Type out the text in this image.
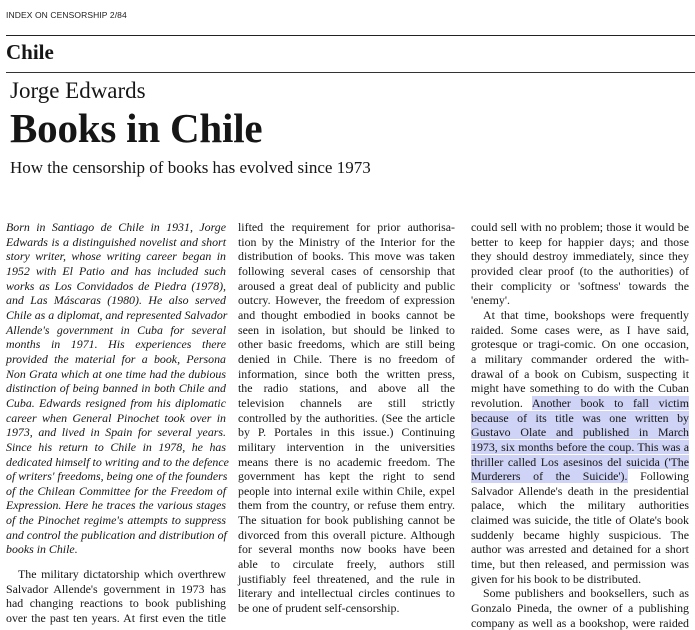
INDEX ON CENSORSHIP 2/84
Chile
Jorge Edwards
Books in Chile
How the censorship of books has evolved since 1973
Born in Santiago de Chile in 1931, Jorge
Edwards is a distinguished novelist and short
story writer, whose writing career began in
1952 with El Patio and has included such
works as Los Convidados de Piedra (1978),
and Las Máscaras (1980). He also served
Chile as a diplomat, and represented Salvador
Allende's government in Cuba for several
months in 1971. His experiences there
provided the material for a book, Persona
Non Grata which at one time had the dubious
distinction of being banned in both Chile and
Cuba. Edwards resigned from his diplomatic
career when General Pinochet took over in
1973, and lived in Spain for several years.
Since his return to Chile in 1978, he has
dedicated himself to writing and to the defence
of writers' freedoms, being one of the founders
of the Chilean Committee for the Freedom of
Expression. Here he traces the various stages
of the Pinochet regime's attempts to suppress
and control the publication and distribution of
books in Chile.
The military dictatorship which overthrew
Salvador Allende's government in 1973 has
had changing reactions to book publishing
over the past ten years. At first even the title
lifted the requirement for prior authorisa-
tion by the Ministry of the Interior for the
distribution of books. This move was taken
following several cases of censorship that
aroused a great deal of publicity and public
outcry. However, the freedom of expression
and thought embodied in books cannot be
seen in isolation, but should be linked to
other basic freedoms, which are still being
denied in Chile. There is no freedom of
information, since both the written press,
the radio stations, and above all the
television channels are still strictly
controlled by the authorities. (See the article
by P. Portales in this issue.) Continuing
military intervention in the universities
means there is no academic freedom. The
government has kept the right to send
people into internal exile within Chile, expel
them from the country, or refuse them entry.
The situation for book publishing cannot be
divorced from this overall picture. Although
for several months now books have been
able to circulate freely, authors still
justifiably feel threatened, and the rule in
literary and intellectual circles continues to
be one of prudent self-censorship.
could sell with no problem; those it would be
better to keep for happier days; and those
they should destroy immediately, since they
provided clear proof (to the authorities) of
their complicity or 'softness' towards the
'enemy'.
At that time, bookshops were frequently
raided. Some cases were, as I have said,
grotesque or tragi-comic. On one occasion,
a military commander ordered the with-
drawal of a book on Cubism, suspecting it
might have something to do with the Cuban
revolution. Another book to fall victim
because of its title was one written by
Gustavo Olate and published in March
1973, six months before the coup. This was a
thriller called Los asesinos del suicida ('The
Murderers of the Suicide'). Following
Salvador Allende's death in the presidential
palace, which the military authorities
claimed was suicide, the title of Olate's book
suddenly became highly suspicious. The
author was arrested and detained for a short
time, but then released, and permission was
given for his book to be distributed.
Some publishers and booksellers, such as
Gonzalo Pineda, the owner of a publishing
company as well as a bookshop, were raided
